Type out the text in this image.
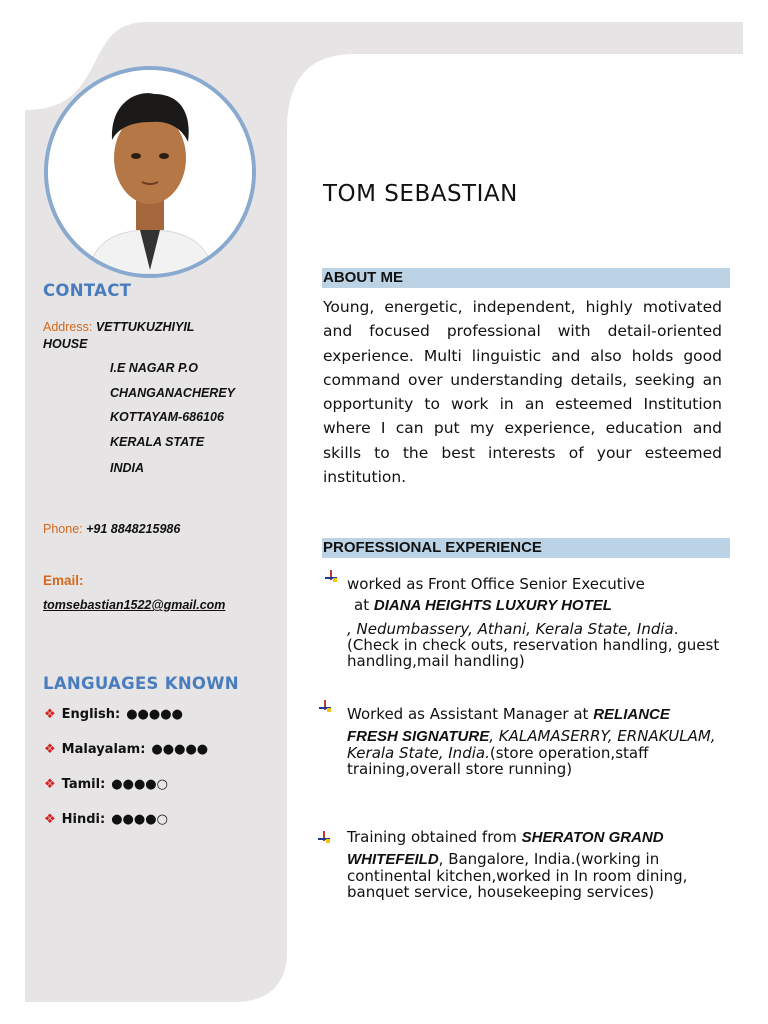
CONTACT
Address: VETTUKUZHIYIL
HOUSE
I.E NAGAR P.O
CHANGANACHEREY
KOTTAYAM-686106
KERALA STATE
INDIA
Phone: +91 8848215986
Email:
tomsebastian1522@gmail.com
LANGUAGES KNOWN
❖ English: ●●●●●
❖ Malayalam: ●●●●●
❖ Tamil: ●●●●○
❖ Hindi: ●●●●○
TOM SEBASTIAN
ABOUT ME
Young, energetic, independent, highly motivated and focused professional with detail-oriented experience. Multi linguistic and also holds good command over understanding details, seeking an opportunity to work in an esteemed Institution where I can put my experience, education and skills to the best interests of your esteemed institution.
PROFESSIONAL EXPERIENCE
worked as Front Office Senior Executive
at DIANA HEIGHTS LUXURY HOTEL
, Nedumbassery, Athani, Kerala State, India. (Check in check outs, reservation handling, guest handling,mail handling)
Worked as Assistant Manager at RELIANCE
FRESH SIGNATURE, KALAMASERRY, ERNAKULAM, Kerala State, India.(store operation,staff training,overall store running)
Training obtained from SHERATON GRAND
WHITEFEILD, Bangalore, India.(working in continental kitchen,worked in In room dining, banquet service, housekeeping services)
